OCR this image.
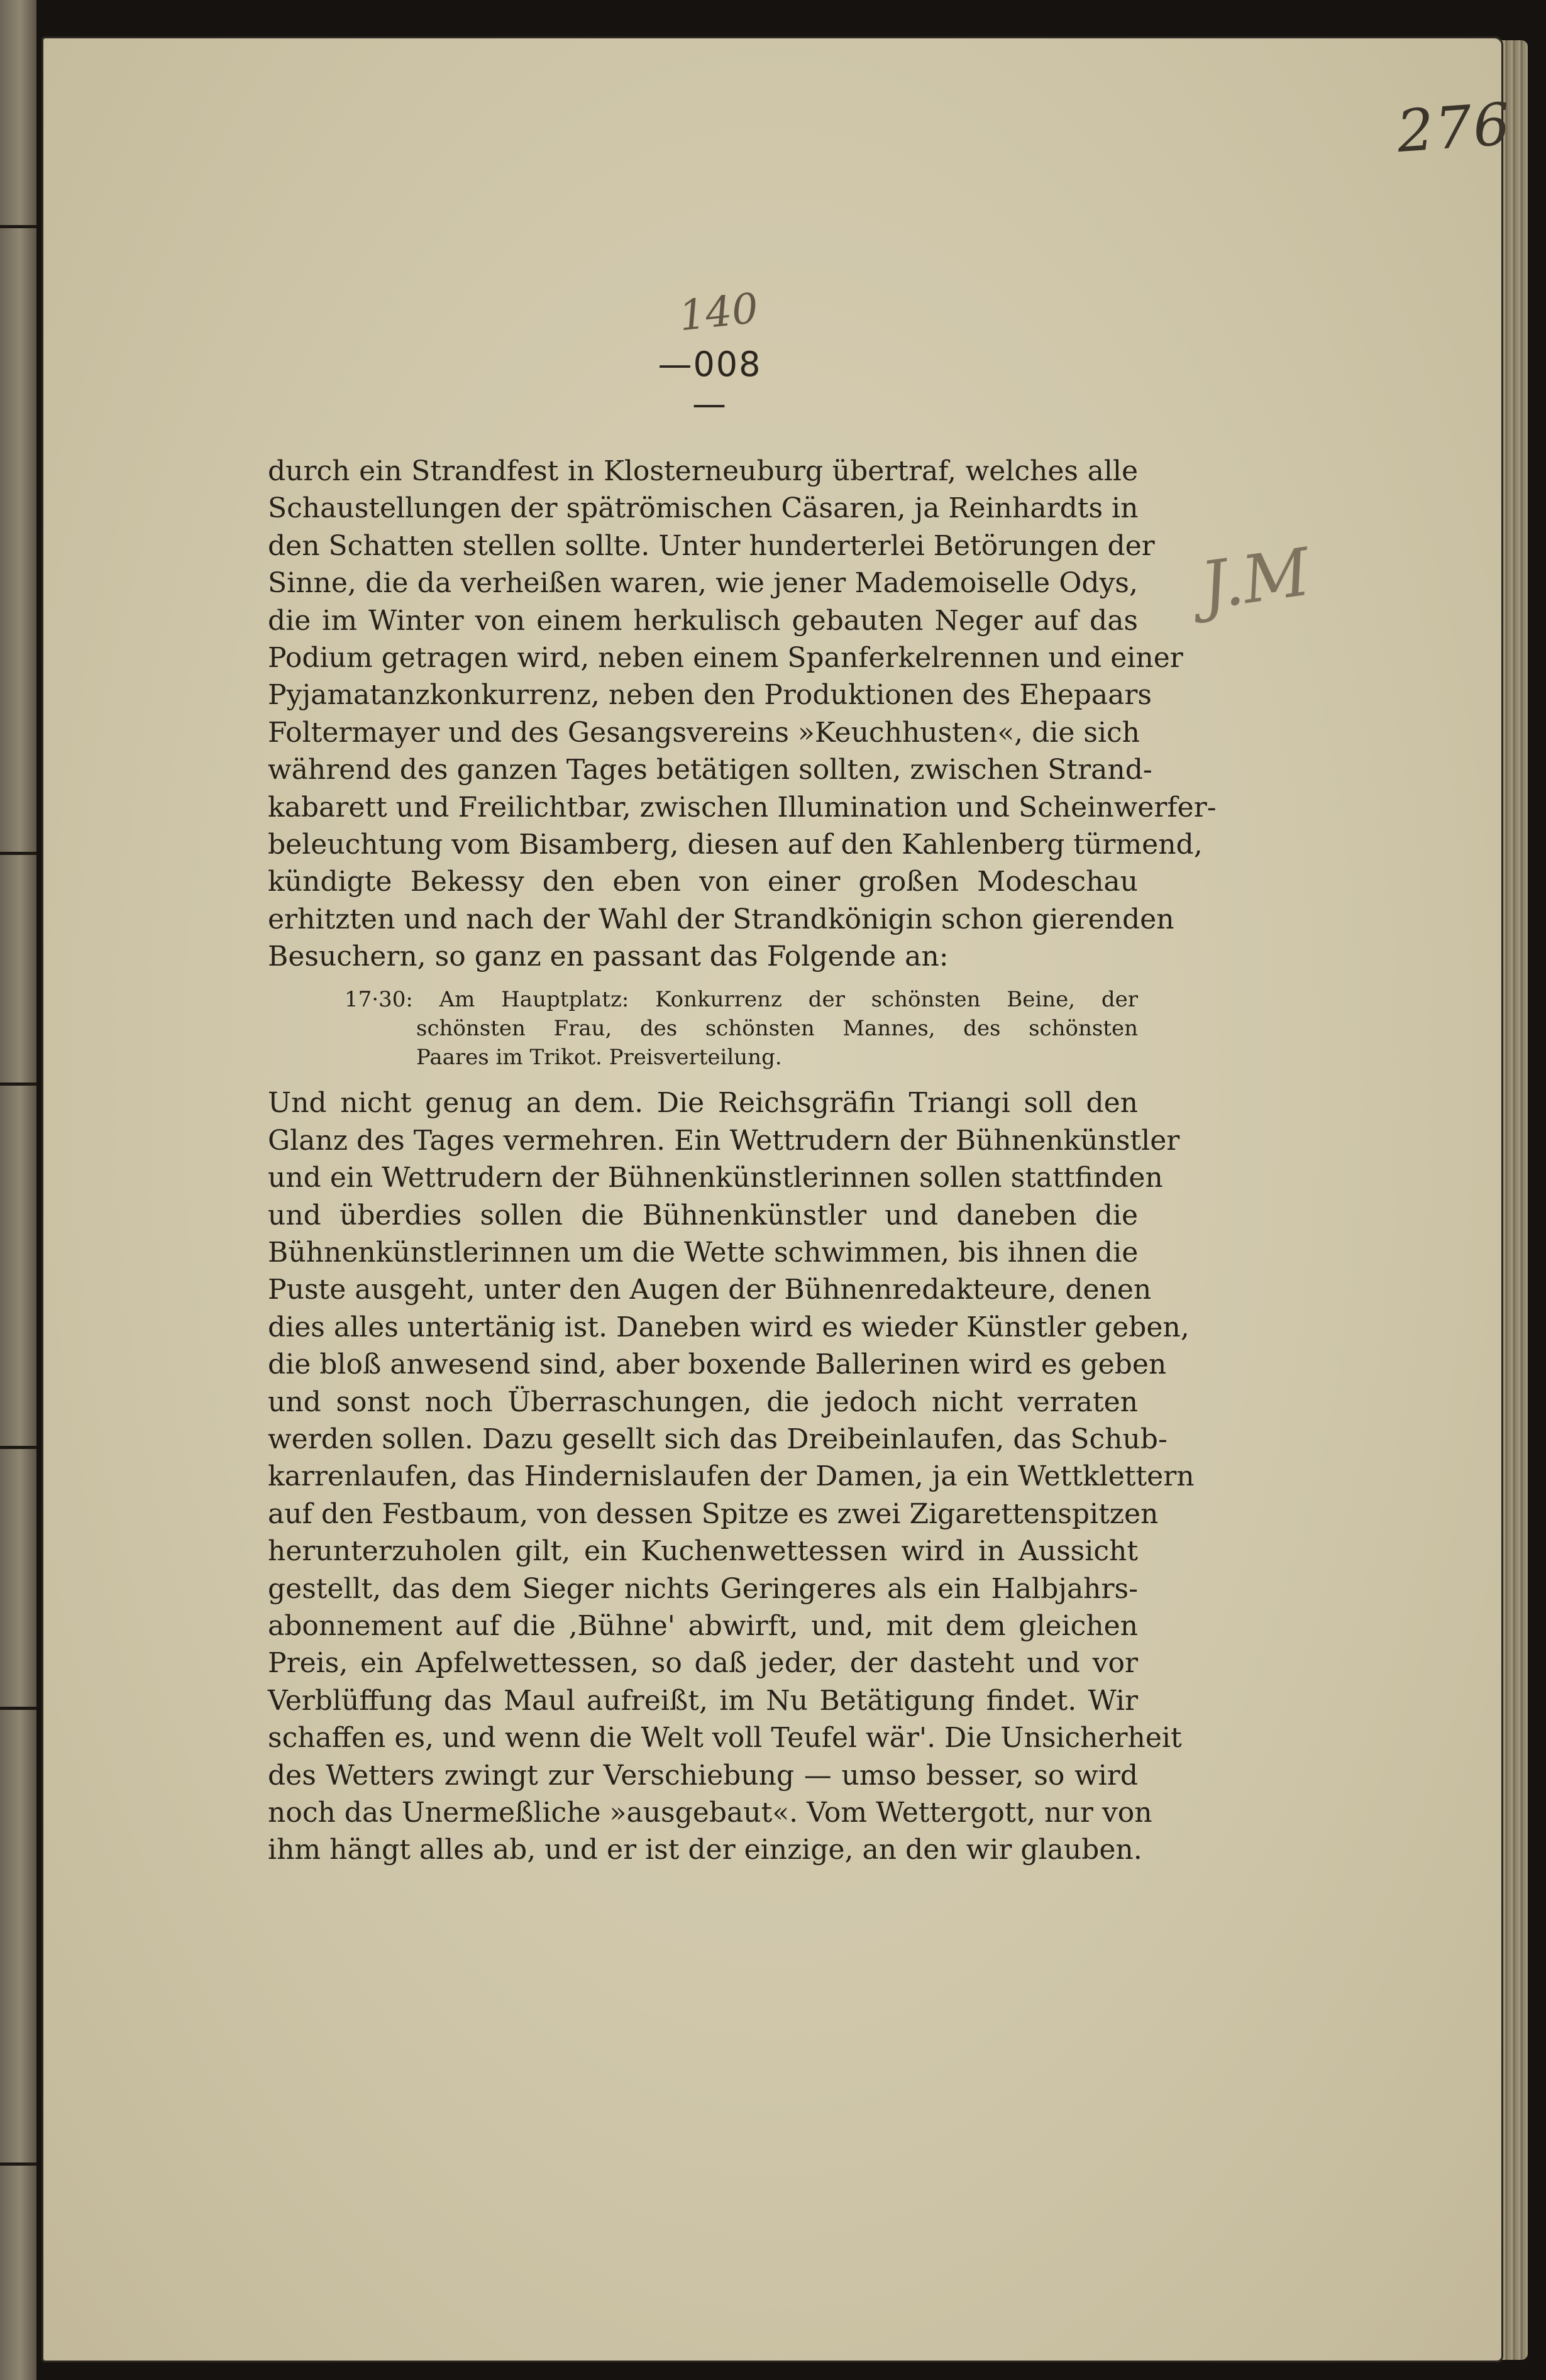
276
140
J.M
—008—
durch ein Strandfest in Klosterneuburg übertraf, welches alle
Schaustellungen der spätrömischen Cäsaren, ja Reinhardts in
den Schatten stellen sollte. Unter hunderterlei Betörungen der
Sinne, die da verheißen waren, wie jener Mademoiselle Odys,
die im Winter von einem herkulisch gebauten Neger auf das
Podium getragen wird, neben einem Spanferkelrennen und einer
Pyjamatanzkonkurrenz, neben den Produktionen des Ehepaars
Foltermayer und des Gesangsvereins »Keuchhusten«, die sich
während des ganzen Tages betätigen sollten, zwischen Strand-
kabarett und Freilichtbar, zwischen Illumination und Scheinwerfer-
beleuchtung vom Bisamberg, diesen auf den Kahlenberg türmend,
kündigte Bekessy den eben von einer großen Modeschau
erhitzten und nach der Wahl der Strandkönigin schon gierenden
Besuchern, so ganz en passant das Folgende an:
17·30: Am Hauptplatz: Konkurrenz der schönsten Beine, der
schönsten Frau, des schönsten Mannes, des schönsten
Paares im Trikot. Preisverteilung.
Und nicht genug an dem. Die Reichsgräfin Triangi soll den
Glanz des Tages vermehren. Ein Wettrudern der Bühnenkünstler
und ein Wettrudern der Bühnenkünstlerinnen sollen stattfinden
und überdies sollen die Bühnenkünstler und daneben die
Bühnenkünstlerinnen um die Wette schwimmen, bis ihnen die
Puste ausgeht, unter den Augen der Bühnenredakteure, denen
dies alles untertänig ist. Daneben wird es wieder Künstler geben,
die bloß anwesend sind, aber boxende Ballerinen wird es geben
und sonst noch Überraschungen, die jedoch nicht verraten
werden sollen. Dazu gesellt sich das Dreibeinlaufen, das Schub-
karrenlaufen, das Hindernislaufen der Damen, ja ein Wettklettern
auf den Festbaum, von dessen Spitze es zwei Zigarettenspitzen
herunterzuholen gilt, ein Kuchenwettessen wird in Aussicht
gestellt, das dem Sieger nichts Geringeres als ein Halbjahrs-
abonnement auf die ‚Bühne' abwirft, und, mit dem gleichen
Preis, ein Apfelwettessen, so daß jeder, der dasteht und vor
Verblüffung das Maul aufreißt, im Nu Betätigung findet. Wir
schaffen es, und wenn die Welt voll Teufel wär'. Die Unsicherheit
des Wetters zwingt zur Verschiebung — umso besser, so wird
noch das Unermeßliche »ausgebaut«. Vom Wettergott, nur von
ihm hängt alles ab, und er ist der einzige, an den wir glauben.
